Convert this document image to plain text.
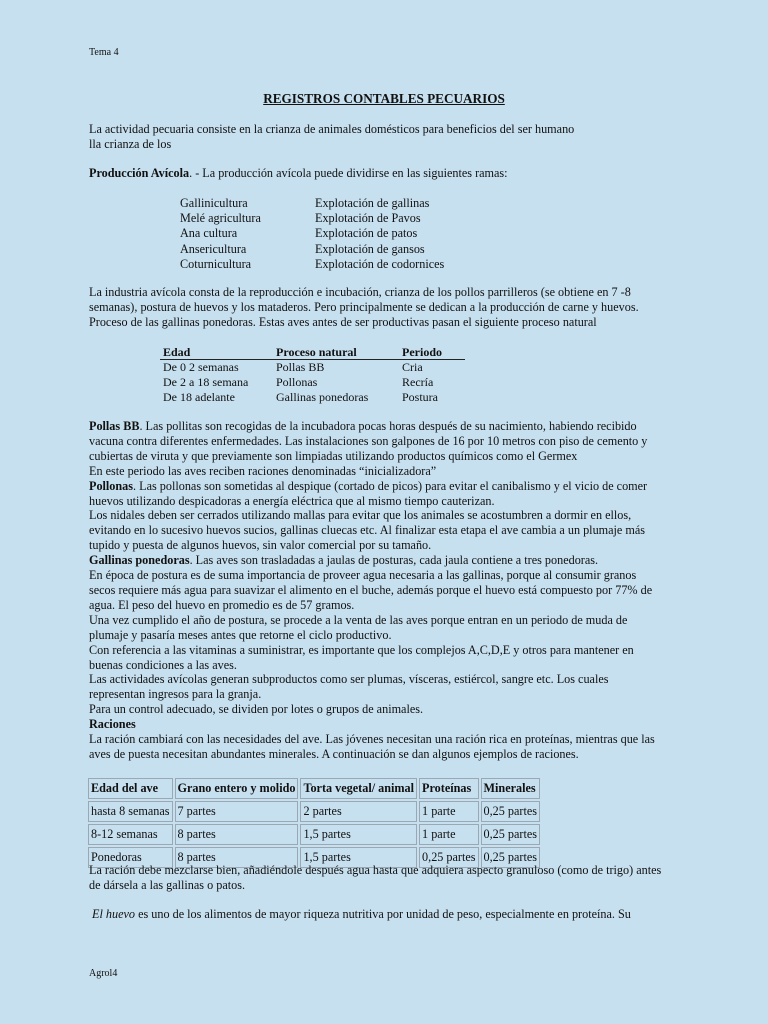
Tema 4
REGISTROS CONTABLES PECUARIOS

La actividad pecuaria consiste en la crianza de animales domésticos para beneficios del ser humano

lla crianza de los

Producción Avícola. - La producción avícola puede dividirse en las siguientes ramas:

Gallinicultura	Explotación de gallinas
Melé agricultura	Explotación de Pavos
Ana cultura	Explotación de patos
Ansericultura	Explotación de gansos
Coturnicultura	Explotación de codornices

La industria avícola consta de la reproducción e incubación, crianza de los pollos parrilleros (se obtiene en 7 -8

semanas), postura de huevos y los mataderos. Pero principalmente se dedican a la producción de carne y huevos.

Proceso de las gallinas ponedoras. Estas aves antes de ser productivas pasan el siguiente proceso natural

Edad	Proceso natural	Periodo
De 0 2 semanas	Pollas BB	Cria
De 2 a 18 semana	Pollonas	Recría
De 18 adelante	Gallinas ponedoras	Postura

Pollas BB. Las pollitas son recogidas de la incubadora pocas horas después de su nacimiento, habiendo recibido

vacuna contra diferentes enfermedades. Las instalaciones son galpones de 16 por 10 metros con piso de cemento y

cubiertas de viruta y que previamente son limpiadas utilizando productos químicos como el Germex

En este periodo las aves reciben raciones denominadas “inicializadora”

Pollonas. Las pollonas son sometidas al despique (cortado de picos) para evitar el canibalismo y el vicio de comer

huevos utilizando despicadoras a energía eléctrica que al mismo tiempo cauterizan.

Los nidales deben ser cerrados utilizando mallas para evitar que los animales se acostumbren a dormir en ellos,

evitando en lo sucesivo huevos sucios, gallinas cluecas etc. Al finalizar esta etapa el ave cambia a un plumaje más

tupido y puesta de algunos huevos, sin valor comercial por su tamaño.

Gallinas ponedoras. Las aves son trasladadas a jaulas de posturas, cada jaula contiene a tres ponedoras.

En época de postura es de suma importancia de proveer agua necesaria a las gallinas, porque al consumir granos

secos requiere más agua para suavizar el alimento en el buche, además porque el huevo está compuesto por 77% de

agua. El peso del huevo en promedio es de 57 gramos.

Una vez cumplido el año de postura, se procede a la venta de las aves porque entran en un periodo de muda de

plumaje y pasaría meses antes que retorne el ciclo productivo.

Con referencia a las vitaminas a suministrar, es importante que los complejos A,C,D,E y otros para mantener en

buenas condiciones a las aves.

Las actividades avícolas generan subproductos como ser plumas, vísceras, estiércol, sangre etc. Los cuales

representan ingresos para la granja.

Para un control adecuado, se dividen por lotes o grupos de animales.

Raciones

La ración cambiará con las necesidades del ave. Las jóvenes necesitan una ración rica en proteínas, mientras que las

aves de puesta necesitan abundantes minerales. A continuación se dan algunos ejemplos de raciones.

Edad del ave	Grano entero y molido	Torta vegetal/ animal	Proteínas	Minerales
hasta 8 semanas	7 partes	2 partes	1 parte	0,25 partes
8-12 semanas	8 partes	1,5 partes	1 parte	0,25 partes
Ponedoras	8 partes	1,5 partes	0,25 partes	0,25 partes

La ración debe mezclarse bien, añadiéndole después agua hasta que adquiera aspecto granuloso (como de trigo) antes

de dársela a las gallinas o patos.

El huevo es uno de los alimentos de mayor riqueza nutritiva por unidad de peso, especialmente en proteína. Su

Agrol4
